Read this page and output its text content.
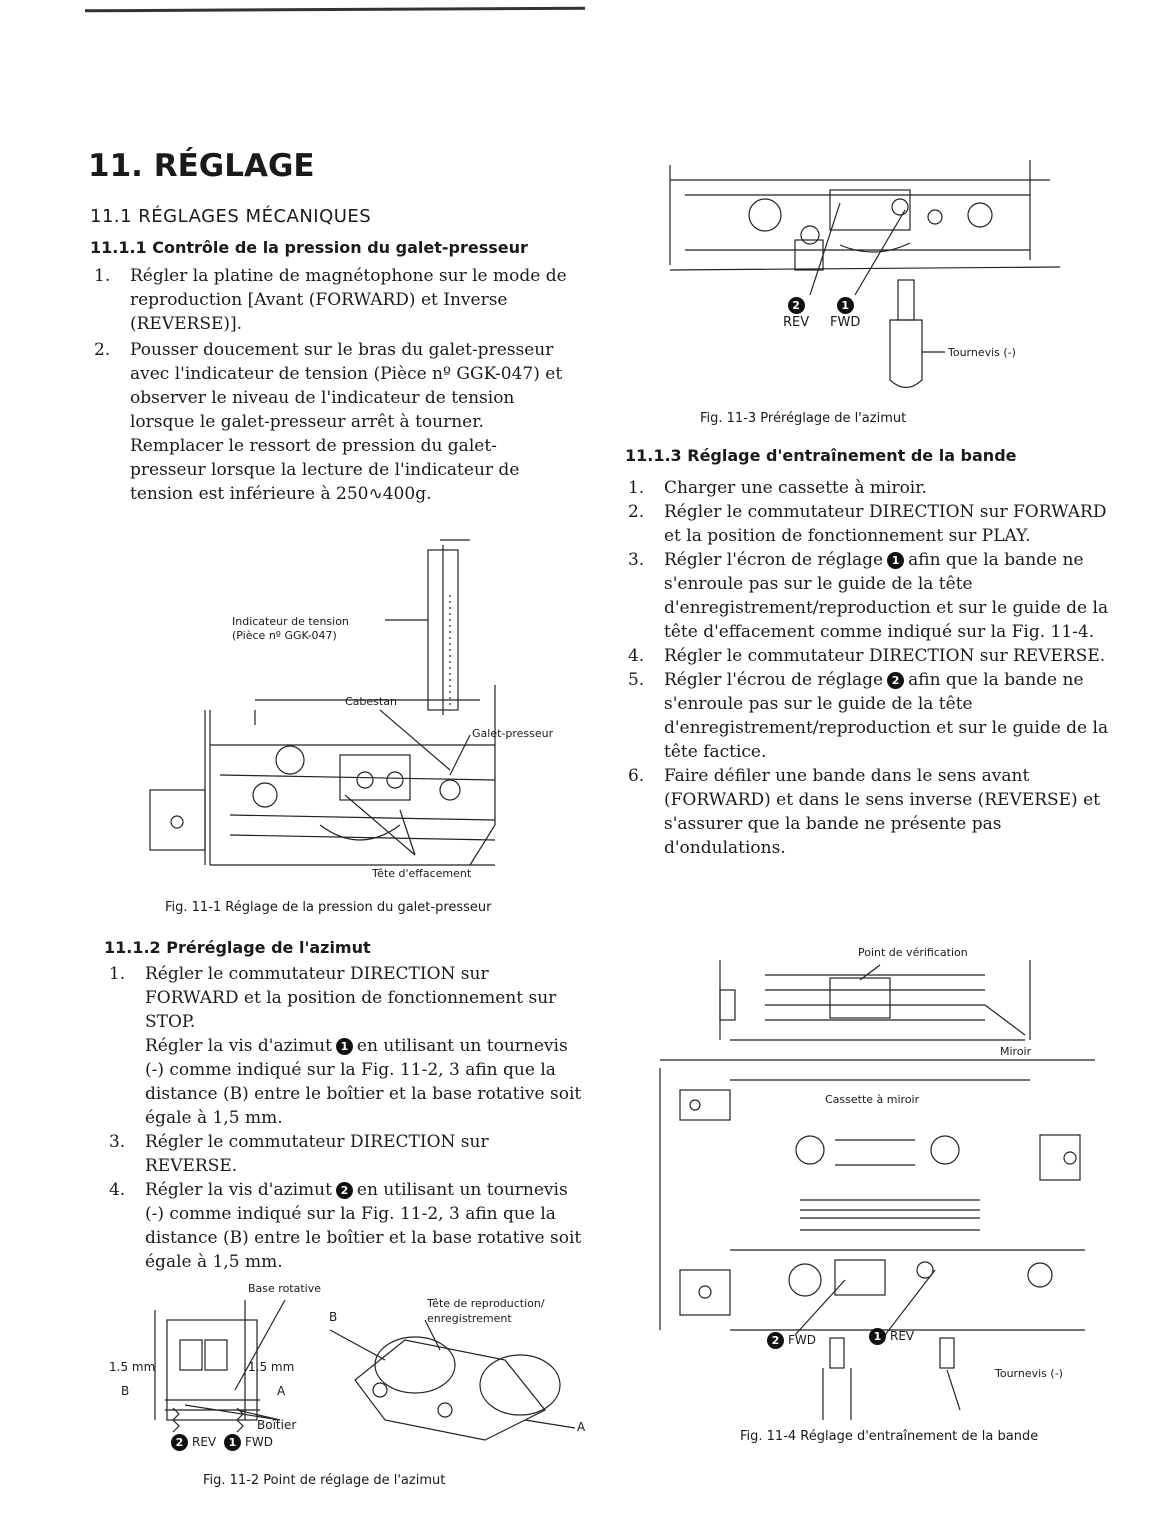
11. RÉGLAGE
11.1 RÉGLAGES MÉCANIQUES
11.1.1 Contrôle de la pression du galet-presseur
1. Régler la platine de magnétophone sur le mode de reproduction [Avant (FORWARD) et Inverse (REVERSE)].
2. Pousser doucement sur le bras du galet-presseur avec l'indicateur de tension (Pièce nº GGK-047) et observer le niveau de l'indicateur de tension lorsque le galet-presseur arrêt à tourner. Remplacer le ressort de pression du galet-presseur lorsque la lecture de l'indicateur de tension est inférieure à 250∿400g.
Indicateur de tension
(Pièce nº GGK-047)
Cabestan
Galet-presseur
Tête d'effacement
Fig. 11-1 Réglage de la pression du galet-presseur
11.1.2 Préréglage de l'azimut
1. Régler le commutateur DIRECTION sur FORWARD et la position de fonctionnement sur STOP.
Régler la vis d'azimut 1 en utilisant un tournevis (-) comme indiqué sur la Fig. 11-2, 3 afin que la distance (B) entre le boîtier et la base rotative soit égale à 1,5 mm.
3. Régler le commutateur DIRECTION sur REVERSE.
4. Régler la vis d'azimut 2 en utilisant un tournevis (-) comme indiqué sur la Fig. 11-2, 3 afin que la distance (B) entre le boîtier et la base rotative soit égale à 1,5 mm.
Base rotative
1.5 mm	1.5 mm
B	A
Boîtier
2 REV 1 FWD
Tête de reproduction/
enregistrement
B
A
Fig. 11-2 Point de réglage de l'azimut
2
REV
1
FWD
Tournevis (-)
Fig. 11-3 Préréglage de l'azimut
11.1.3 Réglage d'entraînement de la bande
1. Charger une cassette à miroir.
2. Régler le commutateur DIRECTION sur FORWARD et la position de fonctionnement sur PLAY.
3. Régler l'écron de réglage 1 afin que la bande ne s'enroule pas sur le guide de la tête d'enregistrement/reproduction et sur le guide de la tête d'effacement comme indiqué sur la Fig. 11-4.
4. Régler le commutateur DIRECTION sur REVERSE.
5. Régler l'écrou de réglage 2 afin que la bande ne s'enroule pas sur le guide de la tête d'enregistrement/reproduction et sur le guide de la tête factice.
6. Faire défiler une bande dans le sens avant (FORWARD) et dans le sens inverse (REVERSE) et s'assurer que la bande ne présente pas d'ondulations.
Point de vérification
Miroir
Cassette à miroir
2 FWD	1 REV
Tournevis (-)
Fig. 11-4 Réglage d'entraînement de la bande
